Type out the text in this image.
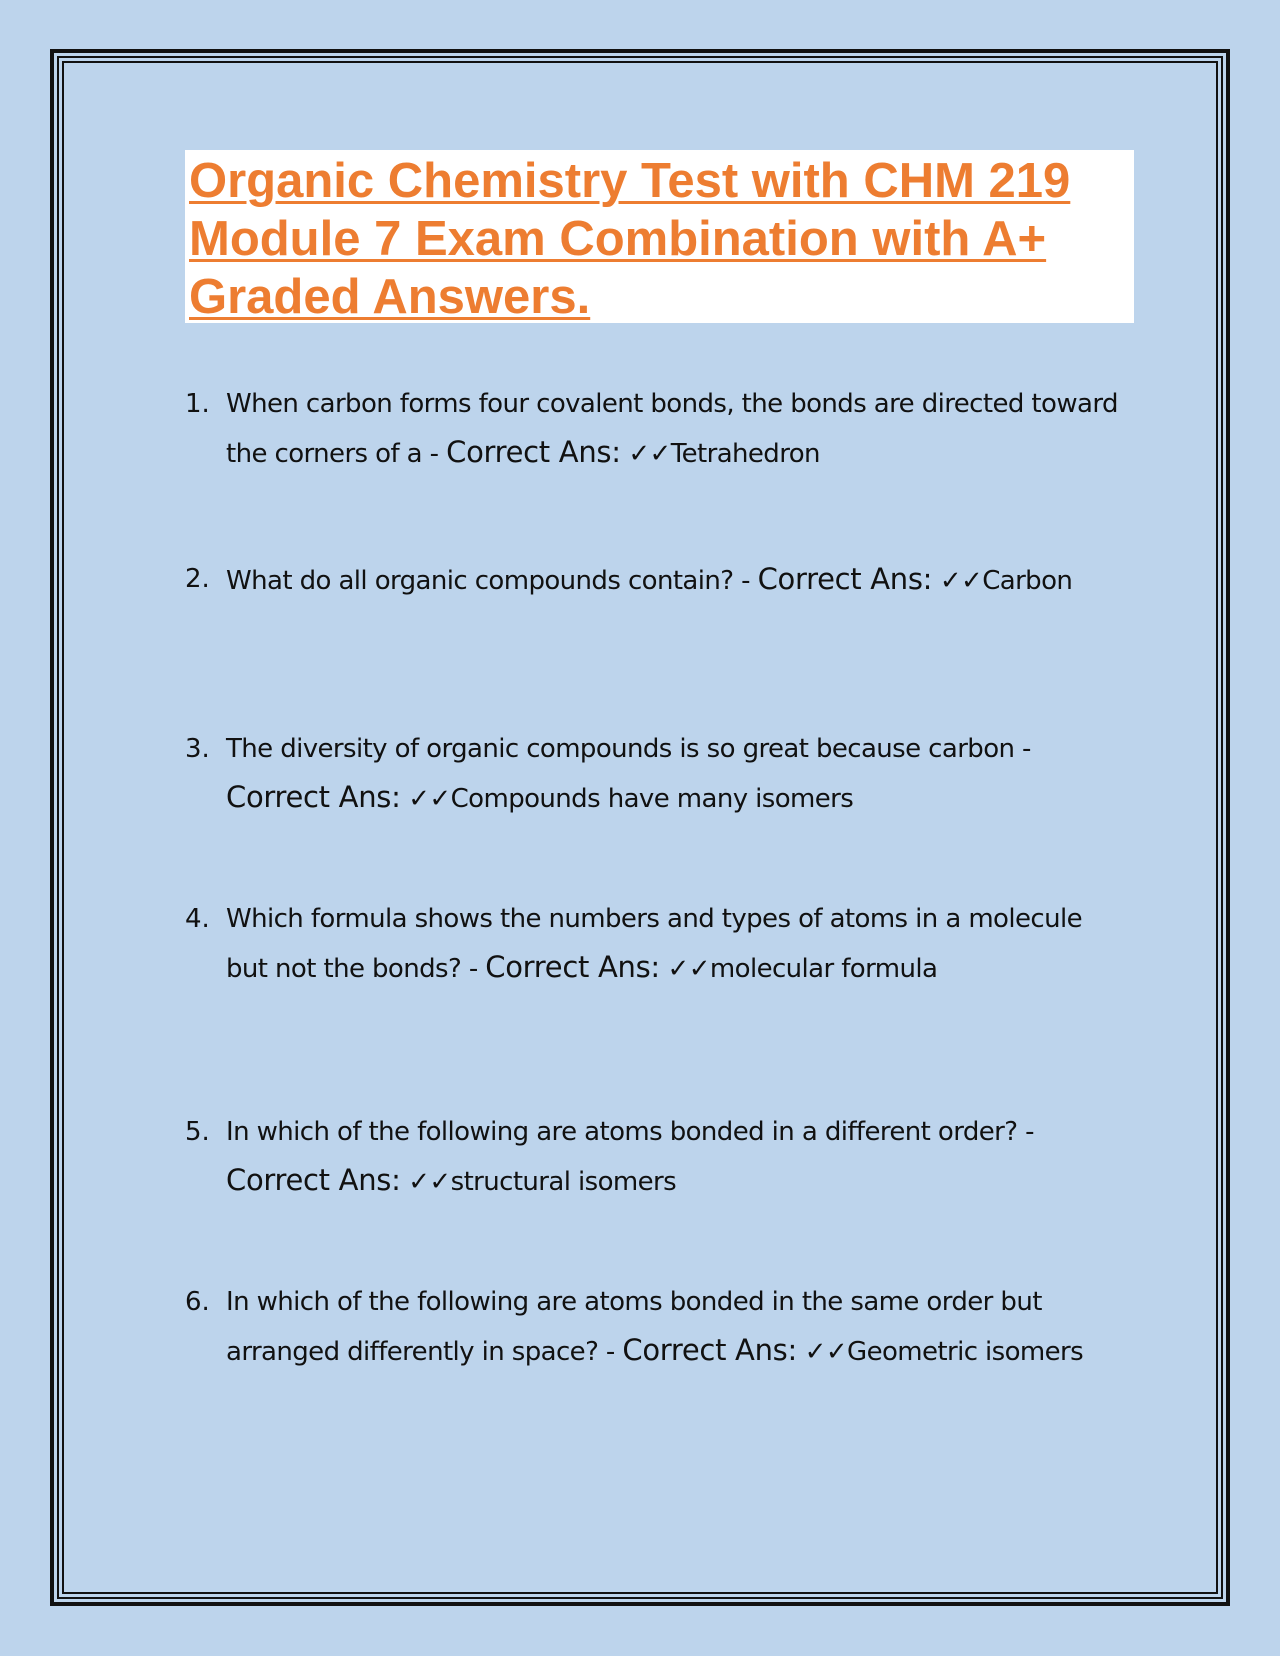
Organic Chemistry Test with CHM 219 Module 7 Exam Combination with A+ Graded Answers.
1. When carbon forms four covalent bonds, the bonds are directed toward the corners of a - Correct Ans: ✓✓Tetrahedron
2. What do all organic compounds contain? - Correct Ans: ✓✓Carbon
3. The diversity of organic compounds is so great because carbon - Correct Ans: ✓✓Compounds have many isomers
4. Which formula shows the numbers and types of atoms in a molecule but not the bonds? - Correct Ans: ✓✓molecular formula
5. In which of the following are atoms bonded in a different order? - Correct Ans: ✓✓structural isomers
6. In which of the following are atoms bonded in the same order but arranged differently in space? - Correct Ans: ✓✓Geometric isomers
